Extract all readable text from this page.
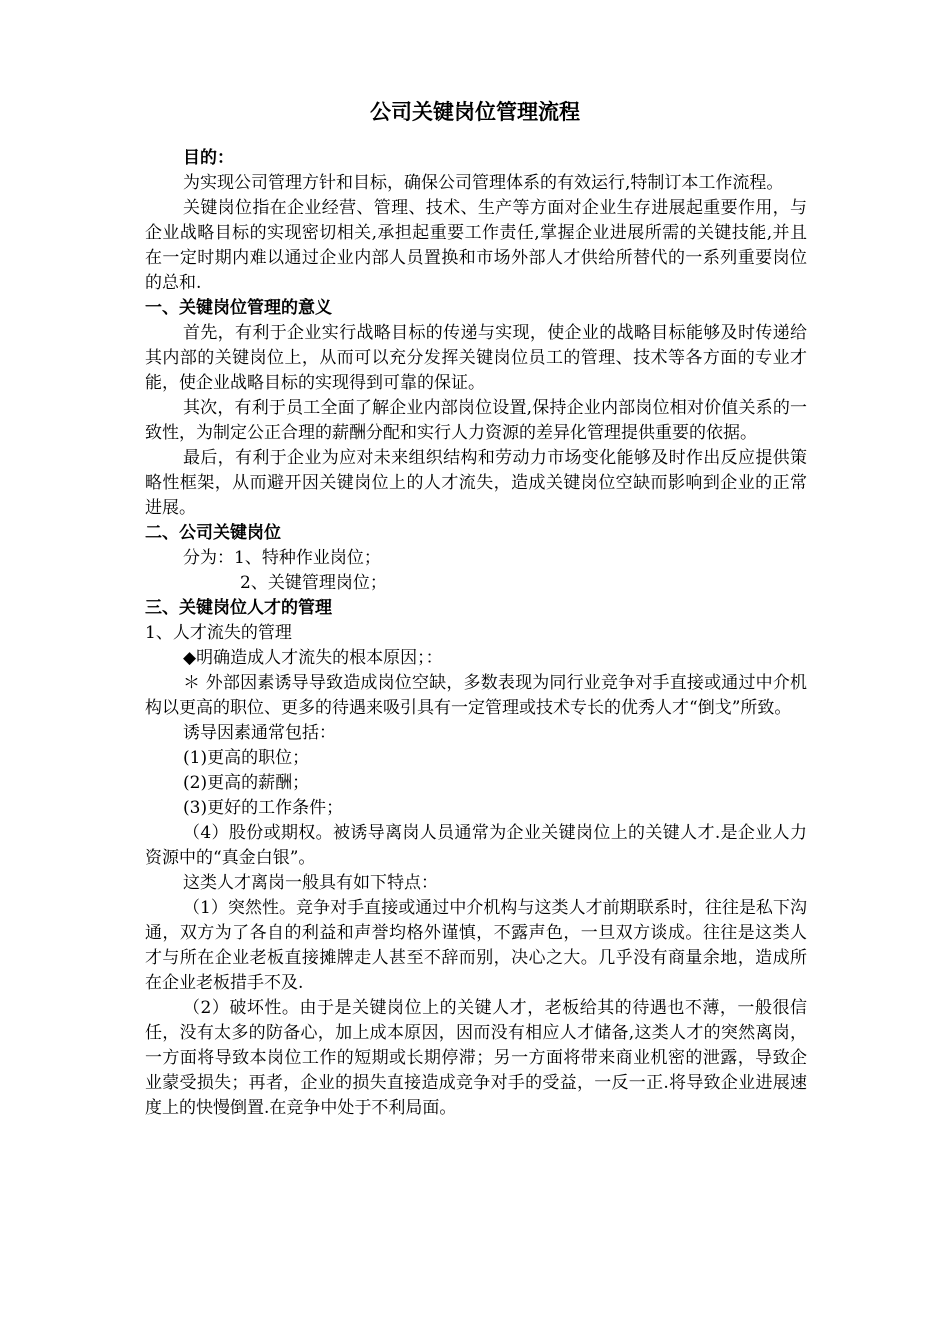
公司关键岗位管理流程

目的：

为实现公司管理方针和目标，确保公司管理体系的有效运行,特制订本工作流程。

关键岗位指在企业经营、管理、技术、生产等方面对企业生存进展起重要作用，与企业战略目标的实现密切相关,承担起重要工作责任,掌握企业进展所需的关键技能,并且在一定时期内难以通过企业内部人员置换和市场外部人才供给所替代的一系列重要岗位的总和.

一、关键岗位管理的意义

首先，有利于企业实行战略目标的传递与实现，使企业的战略目标能够及时传递给其内部的关键岗位上，从而可以充分发挥关键岗位员工的管理、技术等各方面的专业才能，使企业战略目标的实现得到可靠的保证。

其次，有利于员工全面了解企业内部岗位设置,保持企业内部岗位相对价值关系的一致性，为制定公正合理的薪酬分配和实行人力资源的差异化管理提供重要的依据。

最后，有利于企业为应对未来组织结构和劳动力市场变化能够及时作出反应提供策略性框架，从而避开因关键岗位上的人才流失，造成关键岗位空缺而影响到企业的正常进展。

二、公司关键岗位

分为：1、特种作业岗位；

2、关键管理岗位；

三、关键岗位人才的管理

1、人才流失的管理

◆明确造成人才流失的根本原因；：

＊ 外部因素诱导导致造成岗位空缺，多数表现为同行业竞争对手直接或通过中介机构以更高的职位、更多的待遇来吸引具有一定管理或技术专长的优秀人才“倒戈”所致。

诱导因素通常包括：

(1)更高的职位；

(2)更高的薪酬；

(3)更好的工作条件；

（4）股份或期权。被诱导离岗人员通常为企业关键岗位上的关键人才.是企业人力资源中的“真金白银”。

这类人才离岗一般具有如下特点：

（1）突然性。竞争对手直接或通过中介机构与这类人才前期联系时，往往是私下沟通，双方为了各自的利益和声誉均格外谨慎，不露声色，一旦双方谈成。往往是这类人才与所在企业老板直接摊牌走人甚至不辞而别，决心之大。几乎没有商量余地，造成所在企业老板措手不及.

（2）破坏性。由于是关键岗位上的关键人才，老板给其的待遇也不薄，一般很信任，没有太多的防备心，加上成本原因，因而没有相应人才储备,这类人才的突然离岗，一方面将导致本岗位工作的短期或长期停滞；另一方面将带来商业机密的泄露，导致企业蒙受损失；再者，企业的损失直接造成竞争对手的受益，一反一正.将导致企业进展速度上的快慢倒置.在竞争中处于不利局面。
